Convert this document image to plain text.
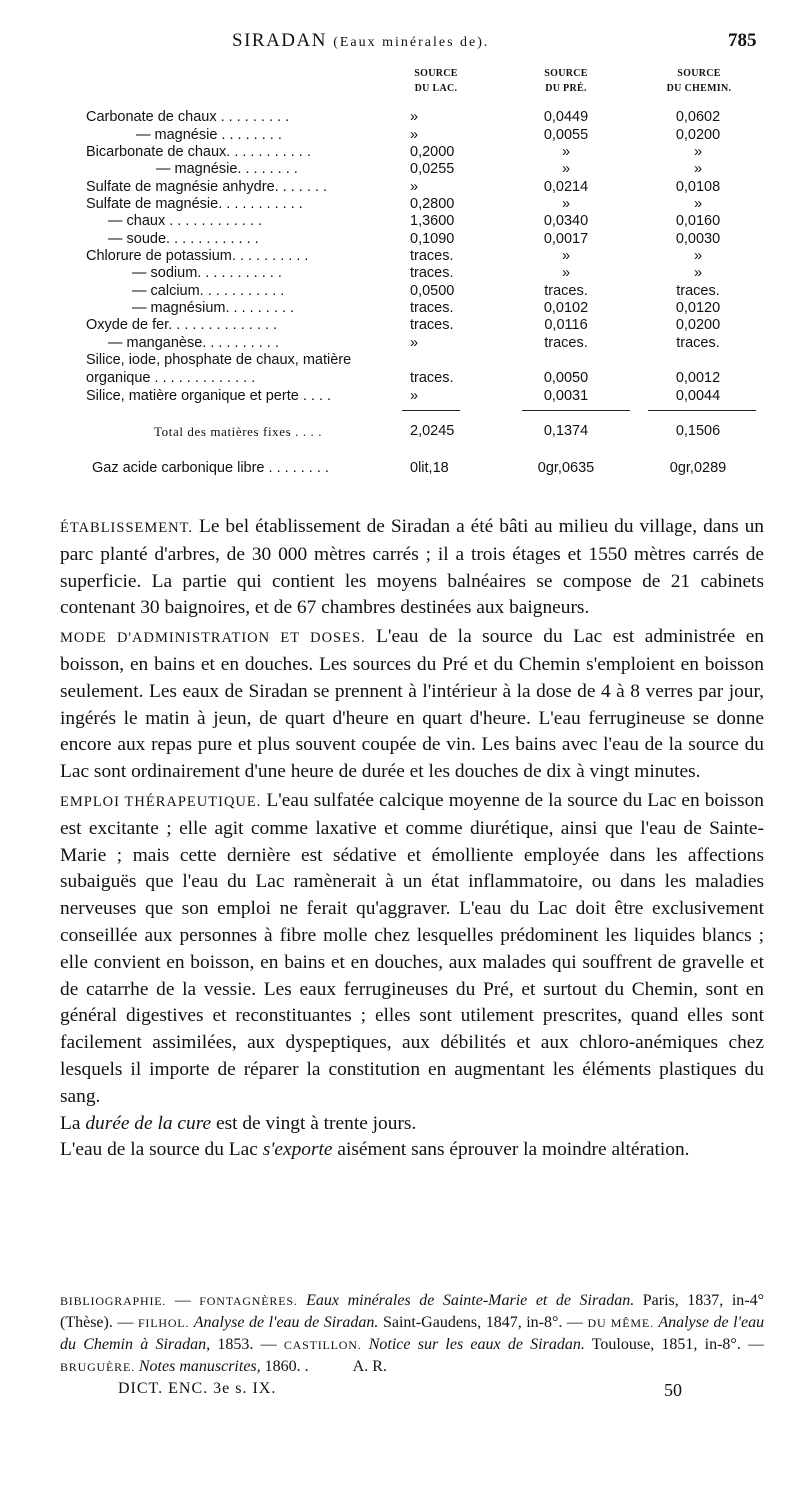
SIRADAN (Eaux minérales de).	785
SOURCE
DU LAC.
SOURCE
DU PRÉ.
SOURCE
DU CHEMIN.
Carbonate de chaux . . . . . . . . .	»	0,0449	0,0602
— magnésie . . . . . . . .	»	0,0055	0,0200
Bicarbonate de chaux. . . . . . . . . . .	0,2000	»	»
— magnésie. . . . . . . .	0,0255	»	»
Sulfate de magnésie anhydre. . . . . . .	»	0,0214	0,0108
Sulfate de magnésie. . . . . . . . . . .	0,2800	»	»
— chaux . . . . . . . . . . . .	1,3600	0,0340	0,0160
— soude. . . . . . . . . . . .	0,1090	0,0017	0,0030
Chlorure de potassium. . . . . . . . . .	traces.	»	»
— sodium. . . . . . . . . . .	traces.	»	»
— calcium. . . . . . . . . . .	0,0500	traces.	traces.
— magnésium. . . . . . . . .	traces.	0,0102	0,0120
Oxyde de fer. . . . . . . . . . . . . .	traces.	0,0116	0,0200
— manganèse. . . . . . . . . .	»	traces.	traces.
Silice, iode, phosphate de chaux, matière
organique . . . . . . . . . . . . .	traces.	0,0050	0,0012
Silice, matière organique et perte . . . .	»	0,0031	0,0044
Total des matières fixes . . . .	2,0245	0,1374	0,1506
Gaz acide carbonique libre . . . . . . . .	0lit,18	0gr,0635	0gr,0289

ÉTABLISSEMENT. Le bel établissement de Siradan a été bâti au milieu du village, dans un parc planté d'arbres, de 30 000 mètres carrés ; il a trois étages et 1550 mètres carrés de superficie. La partie qui contient les moyens balnéaires se compose de 21 cabinets contenant 30 baignoires, et de 67 chambres destinées aux baigneurs.

MODE D'ADMINISTRATION ET DOSES. L'eau de la source du Lac est administrée en boisson, en bains et en douches. Les sources du Pré et du Chemin s'emploient en boisson seulement. Les eaux de Siradan se prennent à l'intérieur à la dose de 4 à 8 verres par jour, ingérés le matin à jeun, de quart d'heure en quart d'heure. L'eau ferrugineuse se donne encore aux repas pure et plus souvent coupée de vin. Les bains avec l'eau de la source du Lac sont ordinairement d'une heure de durée et les douches de dix à vingt minutes.

EMPLOI THÉRAPEUTIQUE. L'eau sulfatée calcique moyenne de la source du Lac en boisson est excitante ; elle agit comme laxative et comme diurétique, ainsi que l'eau de Sainte-Marie ; mais cette dernière est sédative et émolliente employée dans les affections subaiguës que l'eau du Lac ramènerait à un état inflammatoire, ou dans les maladies nerveuses que son emploi ne ferait qu'aggraver. L'eau du Lac doit être exclusivement conseillée aux personnes à fibre molle chez lesquelles prédominent les liquides blancs ; elle convient en boisson, en bains et en douches, aux malades qui souffrent de gravelle et de catarrhe de la vessie. Les eaux ferrugineuses du Pré, et surtout du Chemin, sont en général digestives et reconstituantes ; elles sont utilement prescrites, quand elles sont facilement assimilées, aux dyspeptiques, aux débilités et aux chloro-anémiques chez lesquels il importe de réparer la constitution en augmentant les éléments plastiques du sang.

La durée de la cure est de vingt à trente jours.

L'eau de la source du Lac s'exporte aisément sans éprouver la moindre altération.

BIBLIOGRAPHIE. — FONTAGNÈRES. Eaux minérales de Sainte-Marie et de Siradan. Paris, 1837, in-4° (Thèse). — FILHOL. Analyse de l'eau de Siradan. Saint-Gaudens, 1847, in-8°. — DU MÊME. Analyse de l'eau du Chemin à Siradan, 1853. — CASTILLON. Notice sur les eaux de Siradan. Toulouse, 1851, in-8°. — BRUGUÈRE. Notes manuscrites, 1860. .	A. R.

DICT. ENC. 3e s. IX.	50
